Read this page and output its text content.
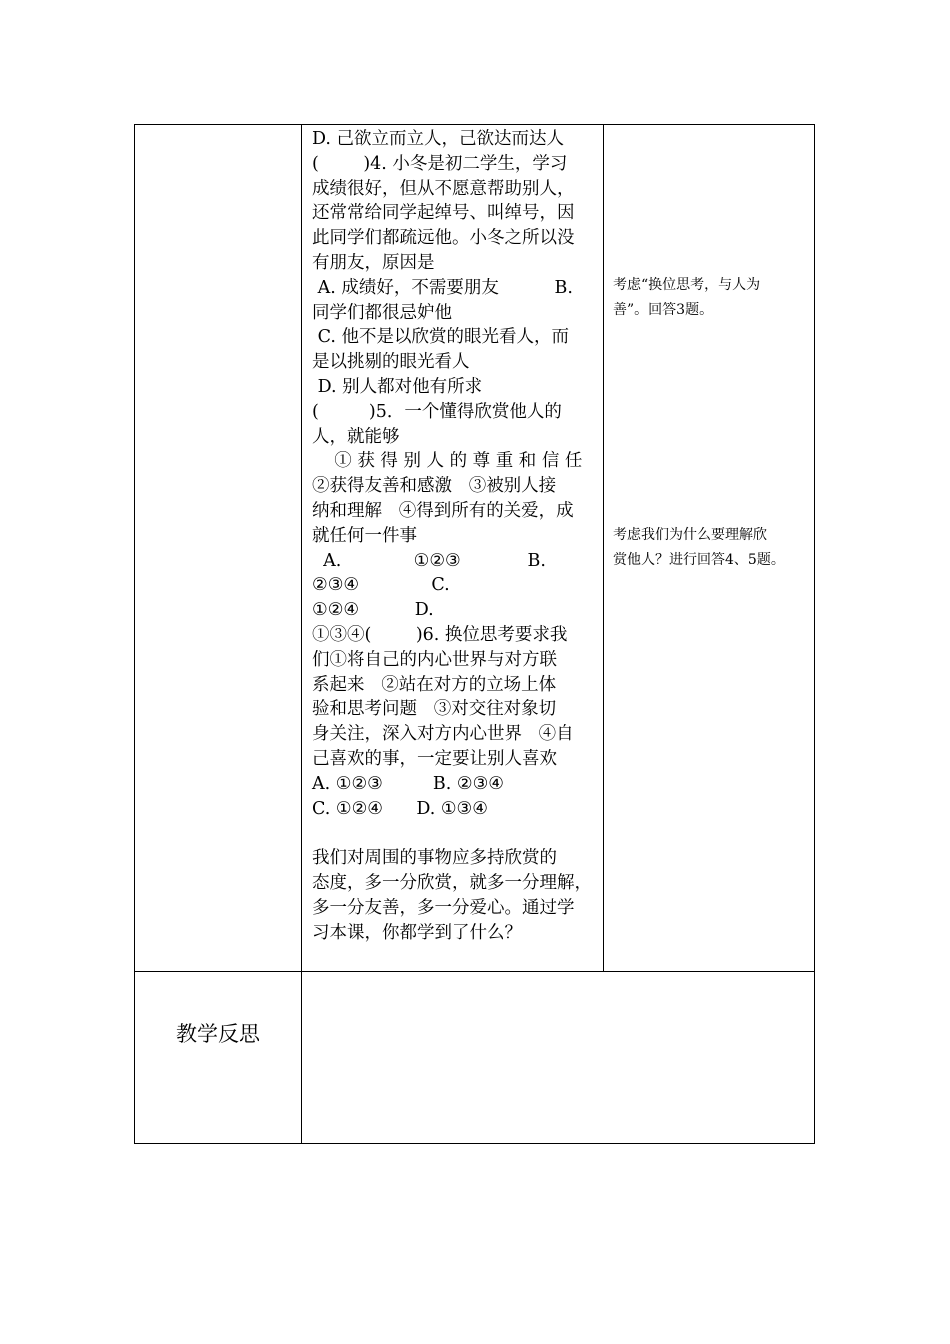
D. 己欲立而立人，己欲达而达人
(        )4. 小冬是初二学生，学习
成绩很好，但从不愿意帮助别人，
还常常给同学起绰号、叫绰号，因
此同学们都疏远他。小冬之所以没
有朋友，原因是
A. 成绩好，不需要朋友          B.
同学们都很忌妒他
C. 他不是以欣赏的眼光看人，而
是以挑剔的眼光看人
D. 别人都对他有所求
(         )5．一个懂得欣赏他人的
人，就能够
① 获 得 别 人 的 尊 重 和 信 任
②获得友善和感激   ③被别人接
纳和理解   ④得到所有的关爱，成
就任何一件事
A.             ①②③            B.
②③④             C.
①②④          D.
①③④(        )6. 换位思考要求我
们①将自己的内心世界与对方联
系起来   ②站在对方的立场上体
验和思考问题   ③对交往对象切
身关注，深入对方内心世界   ④自
己喜欢的事，一定要让别人喜欢
A. ①②③         B. ②③④
C. ①②④      D. ①③④
我们对周围的事物应多持欣赏的
态度，多一分欣赏，就多一分理解，
多一分友善，多一分爱心。通过学
习本课，你都学到了什么？
考虑“换位思考，与人为
善”。回答3题。
考虑我们为什么要理解欣
赏他人？进行回答4、5题。
教学反思
